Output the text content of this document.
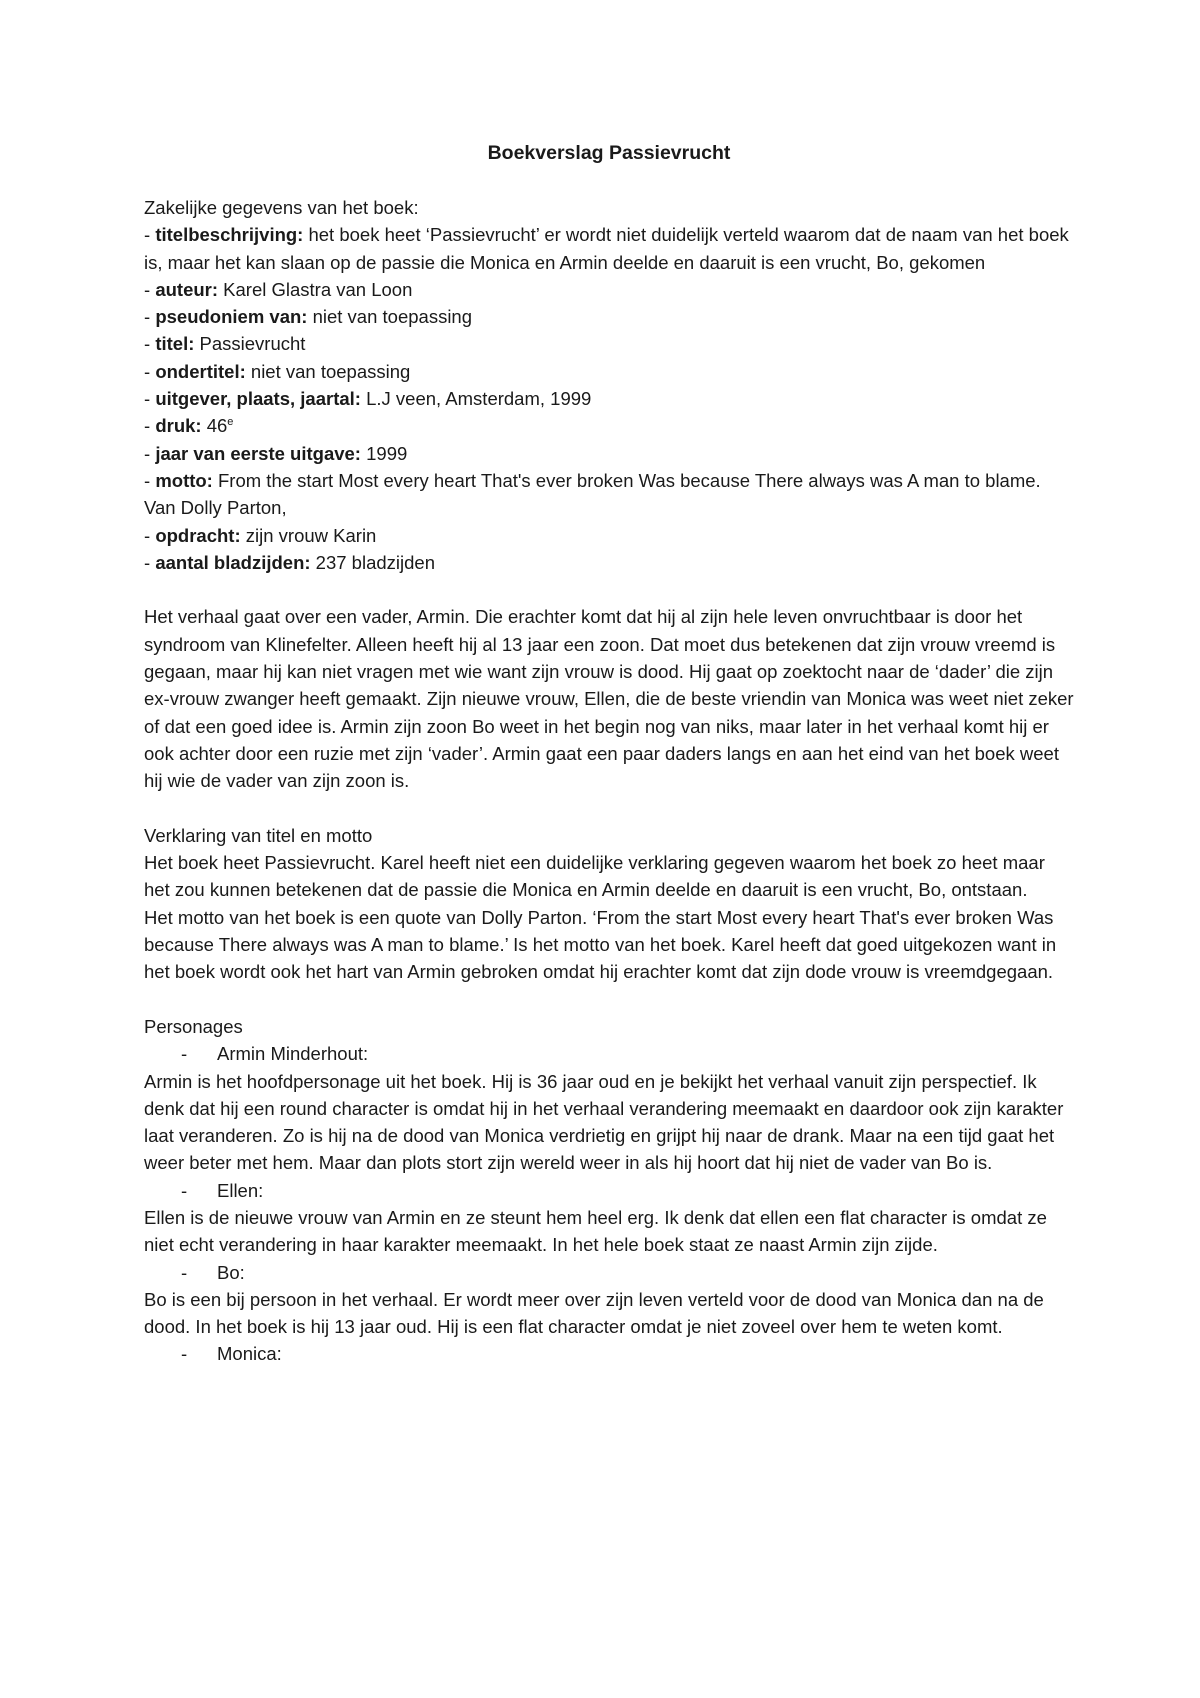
Boekverslag Passievrucht

Zakelijke gegevens van het boek:

- titelbeschrijving: het boek heet ‘Passievrucht’ er wordt niet duidelijk verteld waarom dat de naam van het boek is, maar het kan slaan op de passie die Monica en Armin deelde en daaruit is een vrucht, Bo, gekomen

- auteur: Karel Glastra van Loon

- pseudoniem van: niet van toepassing

- titel: Passievrucht

- ondertitel: niet van toepassing

- uitgever, plaats, jaartal: L.J veen, Amsterdam, 1999

- druk: 46e

- jaar van eerste uitgave: 1999

- motto: From the start Most every heart That's ever broken Was because There always was A man to blame. Van Dolly Parton,

- opdracht: zijn vrouw Karin

- aantal bladzijden: 237 bladzijden

Het verhaal gaat over een vader, Armin. Die erachter komt dat hij al zijn hele leven onvruchtbaar is door het syndroom van Klinefelter. Alleen heeft hij al 13 jaar een zoon. Dat moet dus betekenen dat zijn vrouw vreemd is gegaan, maar hij kan niet vragen met wie want zijn vrouw is dood. Hij gaat op zoektocht naar de ‘dader’ die zijn ex-vrouw zwanger heeft gemaakt. Zijn nieuwe vrouw, Ellen, die de beste vriendin van Monica was weet niet zeker of dat een goed idee is. Armin zijn zoon Bo weet in het begin nog van niks, maar later in het verhaal komt hij er ook achter door een ruzie met zijn ‘vader’. Armin gaat een paar daders langs en aan het eind van het boek weet hij wie de vader van zijn zoon is.

Verklaring van titel en motto

Het boek heet Passievrucht. Karel heeft niet een duidelijke verklaring gegeven waarom het boek zo heet maar het zou kunnen betekenen dat de passie die Monica en Armin deelde en daaruit is een vrucht, Bo, ontstaan.

Het motto van het boek is een quote van Dolly Parton. ‘From the start Most every heart That's ever broken Was because There always was A man to blame.’ Is het motto van het boek. Karel heeft dat goed uitgekozen want in het boek wordt ook het hart van Armin gebroken omdat hij erachter komt dat zijn dode vrouw is vreemdgegaan.

Personages

- Armin Minderhout:

Armin is het hoofdpersonage uit het boek. Hij is 36 jaar oud en je bekijkt het verhaal vanuit zijn perspectief. Ik denk dat hij een round character is omdat hij in het verhaal verandering meemaakt en daardoor ook zijn karakter laat veranderen. Zo is hij na de dood van Monica verdrietig en grijpt hij naar de drank. Maar na een tijd gaat het weer beter met hem. Maar dan plots stort zijn wereld weer in als hij hoort dat hij niet de vader van Bo is.

- Ellen:

Ellen is de nieuwe vrouw van Armin en ze steunt hem heel erg. Ik denk dat ellen een flat character is omdat ze niet echt verandering in haar karakter meemaakt. In het hele boek staat ze naast Armin zijn zijde.

- Bo:

Bo is een bij persoon in het verhaal. Er wordt meer over zijn leven verteld voor de dood van Monica dan na de dood. In het boek is hij 13 jaar oud. Hij is een flat character omdat je niet zoveel over hem te weten komt.

- Monica:
